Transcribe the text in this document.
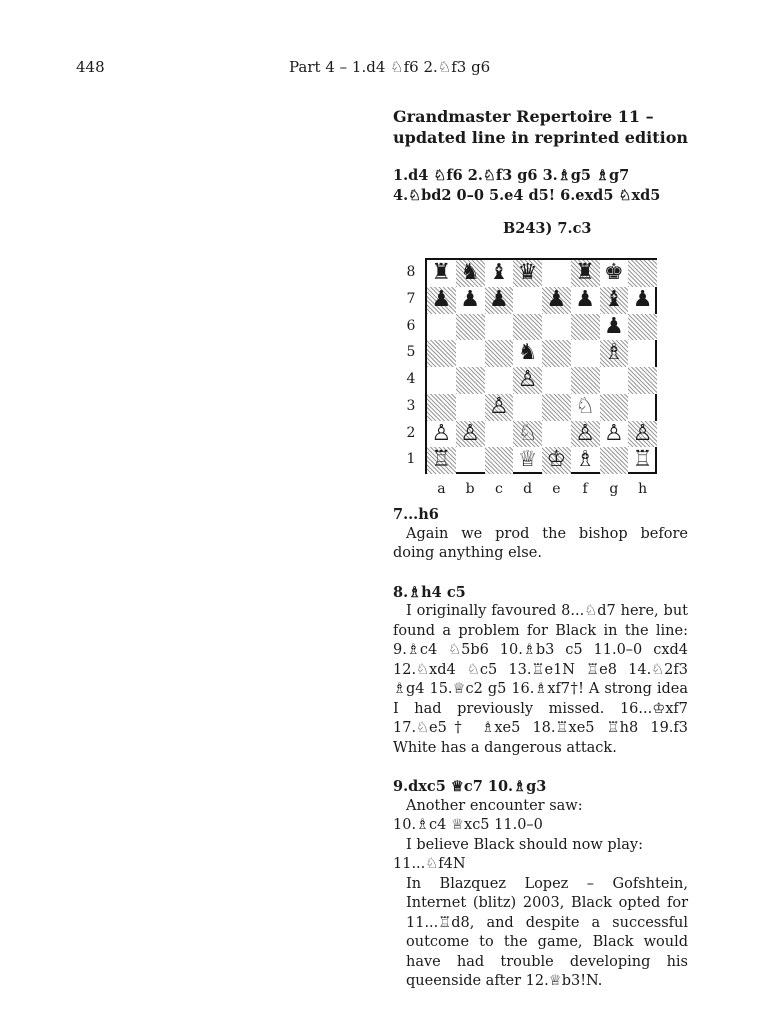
448	Part 4 – 1.d4 ♘f6 2.♘f3 g6
Grandmaster Repertoire 11 – updated line in reprinted edition
1.d4 ♘f6 2.♘f3 g6 3.♗g5 ♗g7 4.♘bd2 0–0 5.e4 d5! 6.exd5 ♘xd5
B243) 7.c3
♜ ♞ ♝ ♛ ♜ ♚
♟ ♟ ♟ ♟ ♟ ♝ ♟
♟
♞	♗
♙
♙	♘
♙ ♙ ♘ ♙ ♙ ♙
♖	♕ ♔ ♗ ♖
8
7
6
5
4
3
2
1
a b c d e	f	g h
7...h6
Again we prod the bishop before doing anything else.
8.♗h4 c5
I originally favoured 8...♘d7 here, but found a problem for Black in the line: 9.♗c4 ♘5b6 10.♗b3 c5 11.0–0 cxd4 12.♘xd4 ♘c5 13.♖e1N ♖e8 14.♘2f3 ♗g4 15.♕c2 g5 16.♗xf7†! A strong idea I had previously missed. 16...♔xf7 17.♘e5† ♗xe5 18.♖xe5 ♖h8 19.f3 White has a dangerous attack.
9.dxc5 ♕c7 10.♗g3
Another encounter saw:
10.♗c4 ♕xc5 11.0–0
I believe Black should now play:
11...♘f4N
In Blazquez Lopez – Gofshtein, Internet (blitz) 2003, Black opted for 11...♖d8, and despite a successful outcome to the game, Black would have had trouble developing his queenside after 12.♕b3!N.
